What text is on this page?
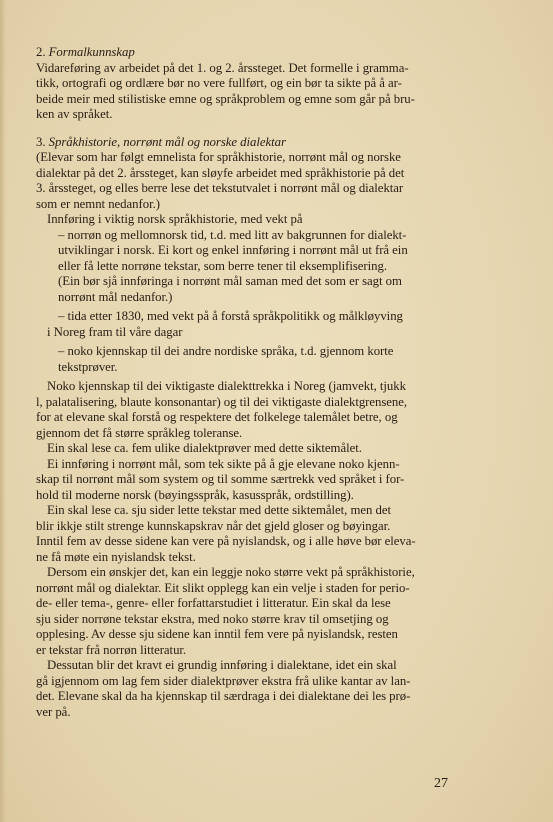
2. Formalkunnskap
Vidareføring av arbeidet på det 1. og 2. årssteget. Det formelle i gramma-
tikk, ortografi og ordlære bør no vere fullført, og ein bør ta sikte på å ar-
beide meir med stilistiske emne og språkproblem og emne som går på bru-
ken av språket.
3. Språkhistorie, norrønt mål og norske dialektar
(Elevar som har følgt emnelista for språkhistorie, norrønt mål og norske
dialektar på det 2. årssteget, kan sløyfe arbeidet med språkhistorie på det
3. årssteget, og elles berre lese det tekstutvalet i norrønt mål og dialektar
som er nemnt nedanfor.)
Innføring i viktig norsk språkhistorie, med vekt på
– norrøn og mellomnorsk tid, t.d. med litt av bakgrunnen for dialekt-
utviklingar i norsk. Ei kort og enkel innføring i norrønt mål ut frå ein
eller få lette norrøne tekstar, som berre tener til eksemplifisering.
(Ein bør sjå innføringa i norrønt mål saman med det som er sagt om
norrønt mål nedanfor.)
– tida etter 1830, med vekt på å forstå språkpolitikk og målkløyving
i Noreg fram til våre dagar
– noko kjennskap til dei andre nordiske språka, t.d. gjennom korte
tekstprøver.
Noko kjennskap til dei viktigaste dialekttrekka i Noreg (jamvekt, tjukk
l, palatalisering, blaute konsonantar) og til dei viktigaste dialektgrensene,
for at elevane skal forstå og respektere det folkelege talemålet betre, og
gjennom det få større språkleg toleranse.
Ein skal lese ca. fem ulike dialektprøver med dette siktemålet.
Ei innføring i norrønt mål, som tek sikte på å gje elevane noko kjenn-
skap til norrønt mål som system og til somme særtrekk ved språket i for-
hold til moderne norsk (bøyingsspråk, kasusspråk, ordstilling).
Ein skal lese ca. sju sider lette tekstar med dette siktemålet, men det
blir ikkje stilt strenge kunnskapskrav når det gjeld gloser og bøyingar.
Inntil fem av desse sidene kan vere på nyislandsk, og i alle høve bør eleva-
ne få møte ein nyislandsk tekst.
Dersom ein ønskjer det, kan ein leggje noko større vekt på språkhistorie,
norrønt mål og dialektar. Eit slikt opplegg kan ein velje i staden for perio-
de- eller tema-, genre- eller forfattarstudiet i litteratur. Ein skal da lese
sju sider norrøne tekstar ekstra, med noko større krav til omsetjing og
opplesing. Av desse sju sidene kan inntil fem vere på nyislandsk, resten
er tekstar frå norrøn litteratur.
Dessutan blir det kravt ei grundig innføring i dialektane, idet ein skal
gå igjennom om lag fem sider dialektprøver ekstra frå ulike kantar av lan-
det. Elevane skal da ha kjennskap til særdraga i dei dialektane dei les prø-
ver på.
27
